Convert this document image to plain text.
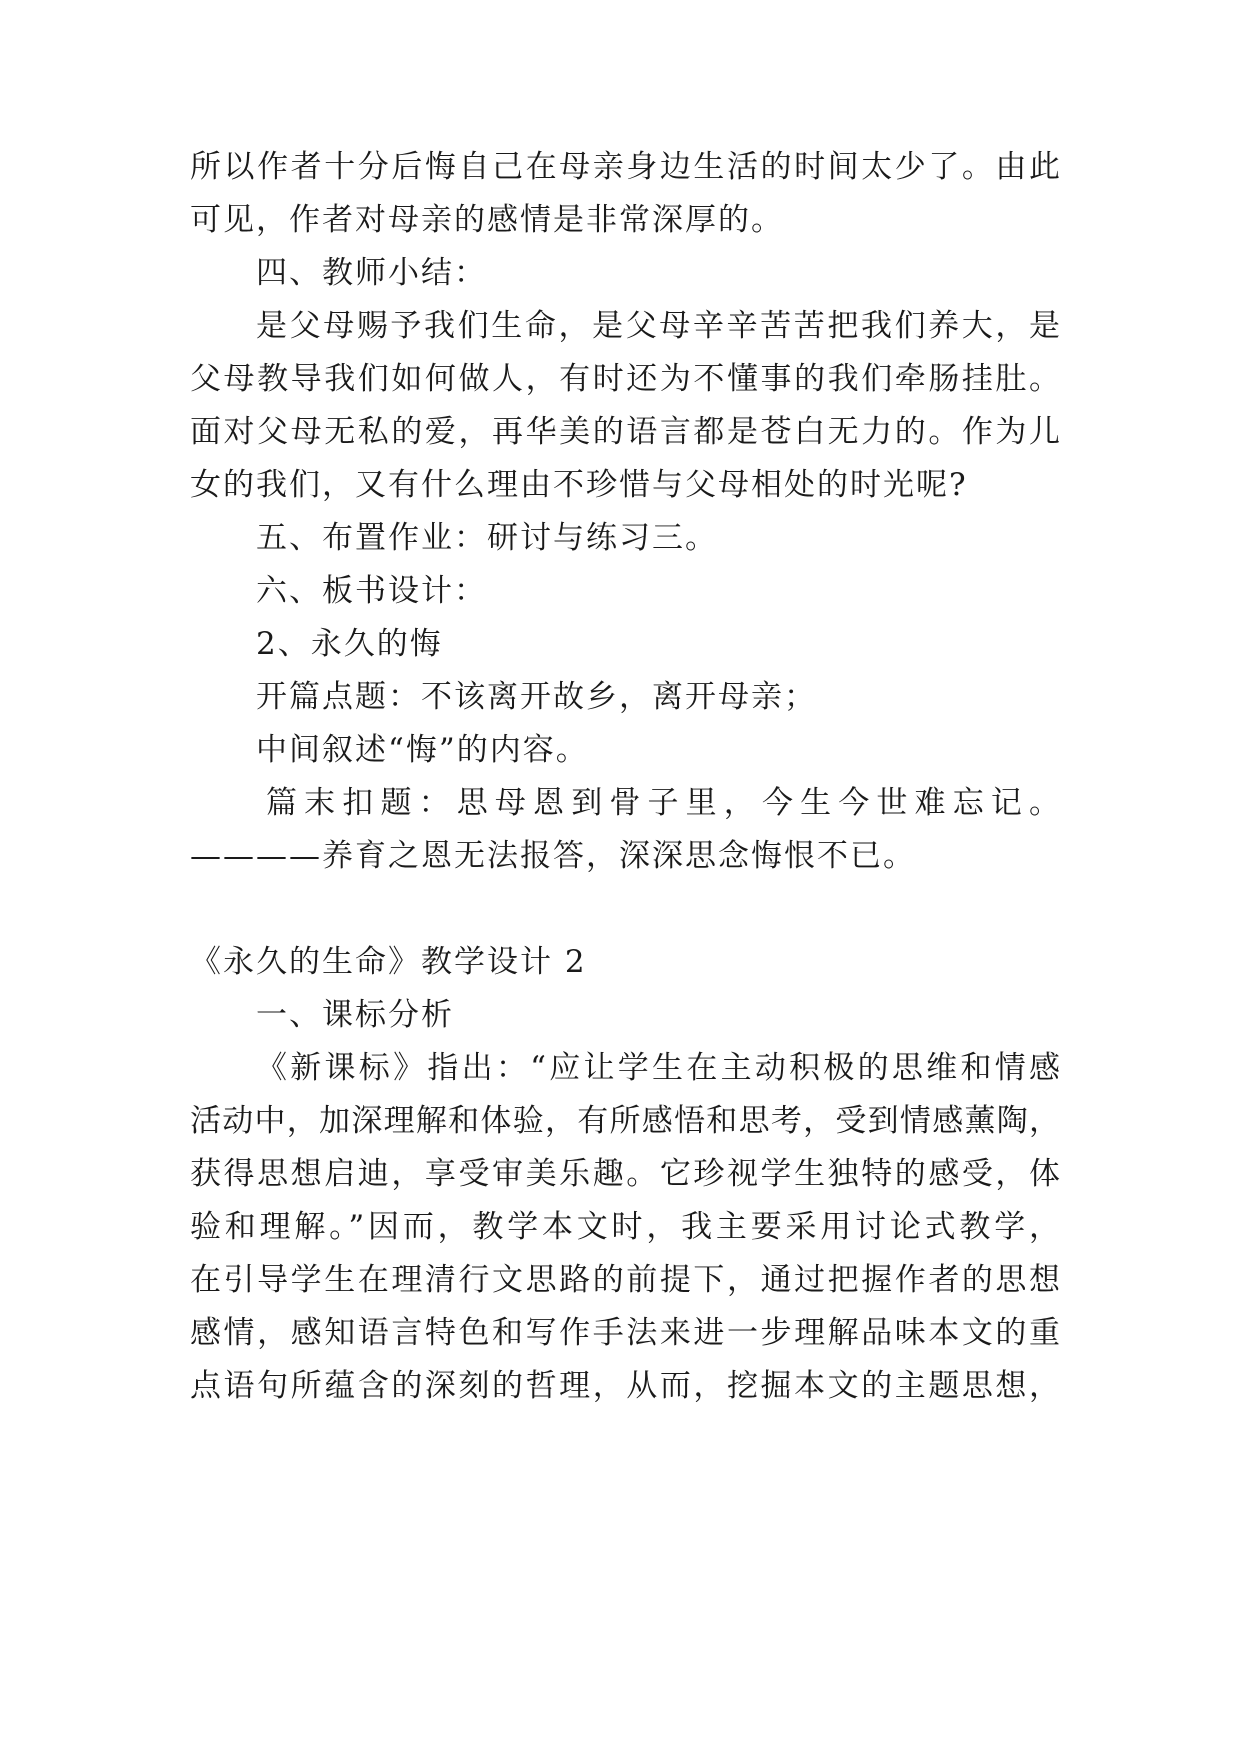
所以作者十分后悔自己在母亲身边生活的时间太少了。由此
可见，作者对母亲的感情是非常深厚的。
四、教师小结：
是父母赐予我们生命，是父母辛辛苦苦把我们养大，是
父母教导我们如何做人，有时还为不懂事的我们牵肠挂肚。
面对父母无私的爱，再华美的语言都是苍白无力的。作为儿
女的我们，又有什么理由不珍惜与父母相处的时光呢?
五、布置作业：研讨与练习三。
六、板书设计：
2、永久的悔
开篇点题：不该离开故乡，离开母亲；
中间叙述“悔”的内容。
篇末扣题：思母恩到骨子里，今生今世难忘记。
————养育之恩无法报答，深深思念悔恨不已。
《永久的生命》教学设计 2
一、课标分析
《新课标》指出：“应让学生在主动积极的思维和情感
活动中，加深理解和体验，有所感悟和思考，受到情感薰陶，
获得思想启迪，享受审美乐趣。它珍视学生独特的感受，体
验和理解。”因而，教学本文时，我主要采用讨论式教学，
在引导学生在理清行文思路的前提下，通过把握作者的思想
感情，感知语言特色和写作手法来进一步理解品味本文的重
点语句所蕴含的深刻的哲理，从而，挖掘本文的主题思想，
